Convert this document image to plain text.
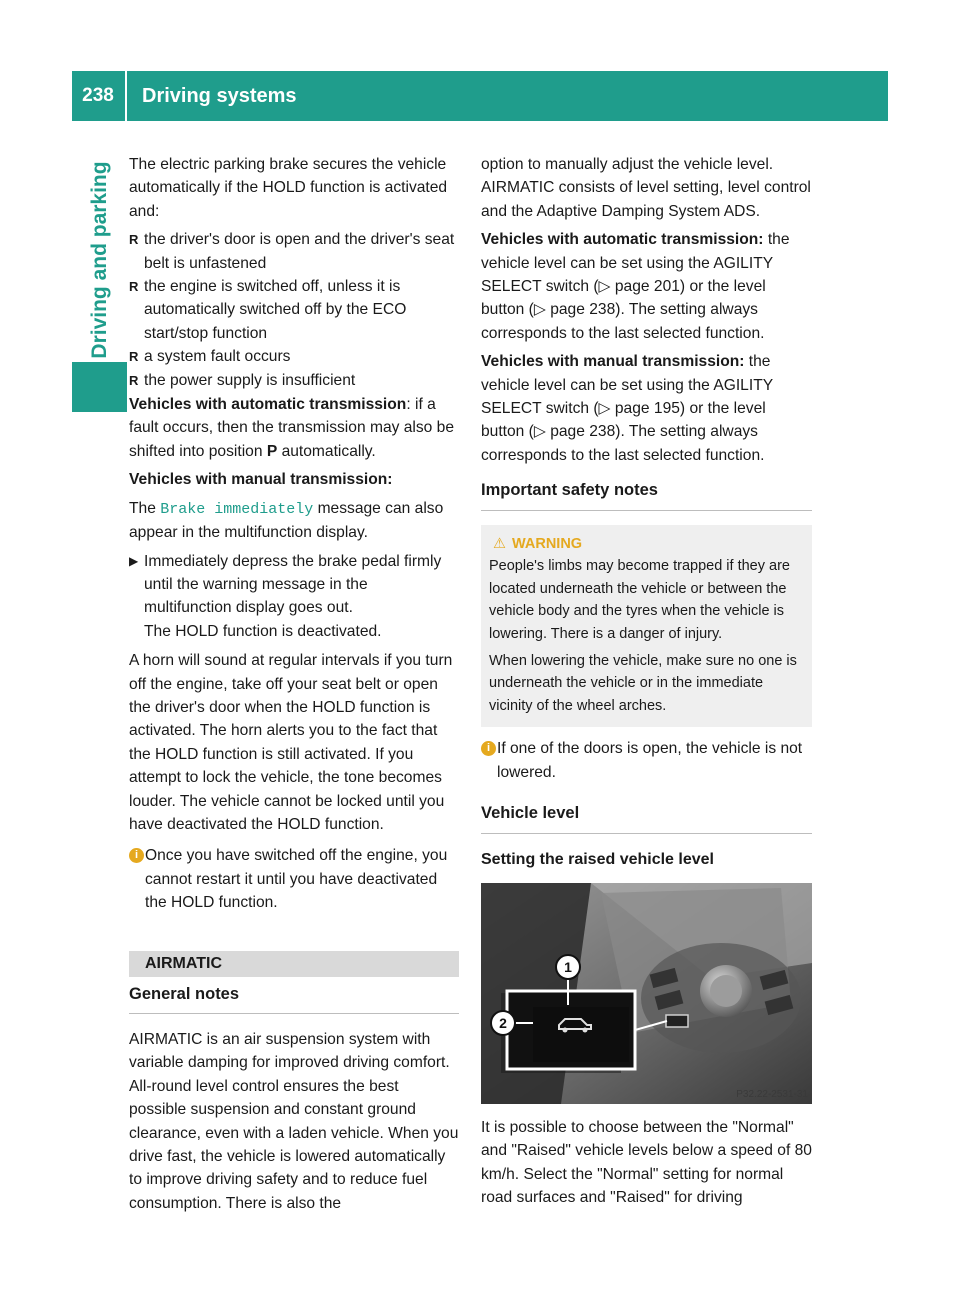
238	Driving systems
Driving and parking The electric parking brake secures the vehicle automatically if the HOLD function is activated and:

R the driver's door is open and the driver's seat belt is unfastened
R the engine is switched off, unless it is automatically switched off by the ECO start/stop function
R a system fault occurs
R the power supply is insufficient

Vehicles with automatic transmission: if a fault occurs, then the transmission may also be shifted into position P automatically.

Vehicles with manual transmission:

The Brake immediately message can also appear in the multifunction display.

▶ Immediately depress the brake pedal firmly until the warning message in the multifunction display goes out.
The HOLD function is deactivated.

A horn will sound at regular intervals if you turn off the engine, take off your seat belt or open the driver's door when the HOLD function is activated. The horn alerts you to the fact that the HOLD function is still activated. If you attempt to lock the vehicle, the tone becomes louder. The vehicle cannot be locked until you have deactivated the HOLD function.

i Once you have switched off the engine, you cannot restart it until you have deactivated the HOLD function.
AIRMATIC
General notes

AIRMATIC is an air suspension system with variable damping for improved driving comfort. All-round level control ensures the best possible suspension and constant ground clearance, even with a laden vehicle. When you drive fast, the vehicle is lowered automatically to improve driving safety and to reduce fuel consumption. There is also the

option to manually adjust the vehicle level. AIRMATIC consists of level setting, level control and the Adaptive Damping System ADS.

Vehicles with automatic transmission: the vehicle level can be set using the AGILITY SELECT switch (▷ page 201) or the level button (▷ page 238). The setting always corresponds to the last selected function.

Vehicles with manual transmission: the vehicle level can be set using the AGILITY SELECT switch (▷ page 195) or the level button (▷ page 238). The setting always corresponds to the last selected function.

Important safety notes
⚠ WARNING
People's limbs may become trapped if they are located underneath the vehicle or between the vehicle body and the tyres when the vehicle is lowering. There is a danger of injury.
When lowering the vehicle, make sure no one is underneath the vehicle or in the immediate vicinity of the wheel arches.
i If one of the doors is open, the vehicle is not lowered.
Vehicle level
Setting the raised vehicle level
1
2
P32.22-2531-31

It is possible to choose between the "Normal" and "Raised" vehicle levels below a speed of 80 km/h. Select the "Normal" setting for normal road surfaces and "Raised" for driving
